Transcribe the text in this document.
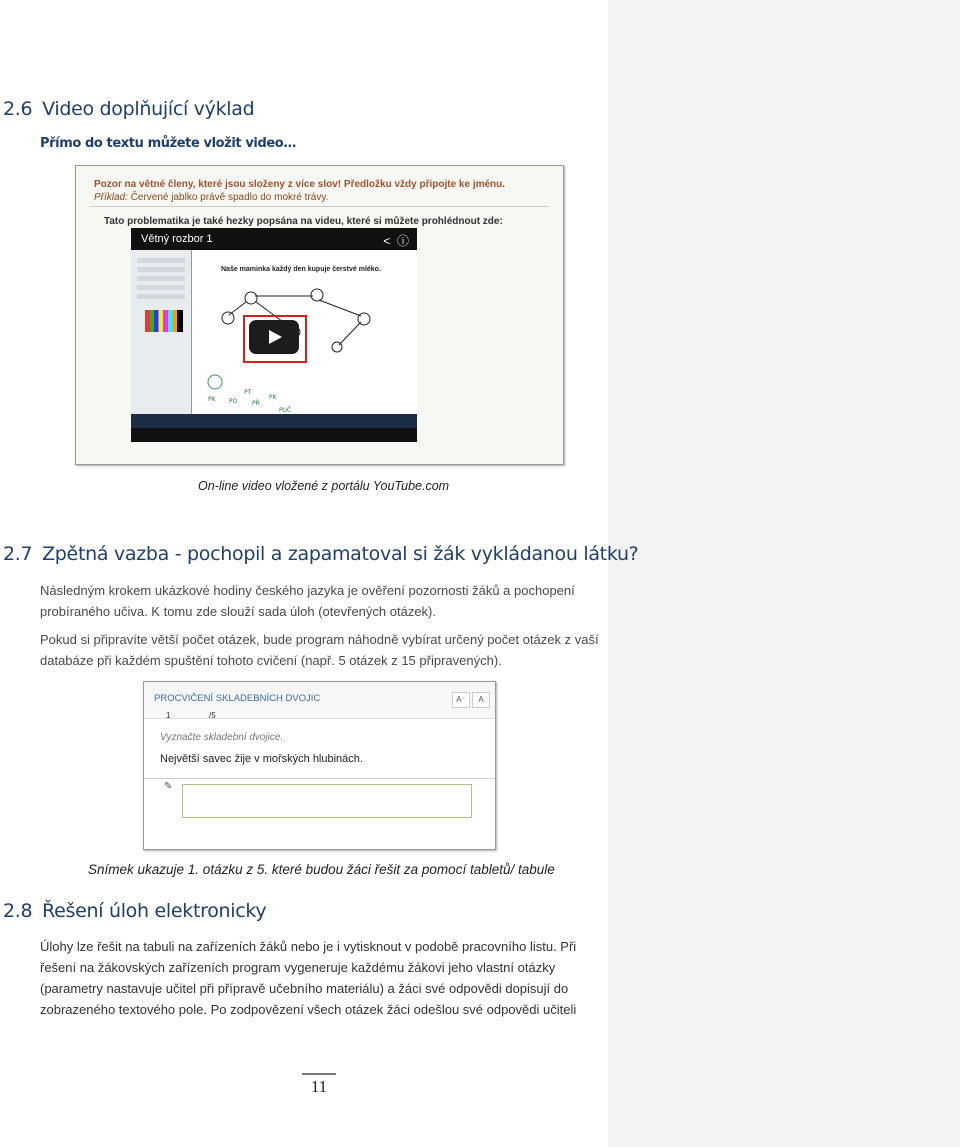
2.6 Video doplňující výklad
Přímo do textu můžete vložit video…
Pozor na větné členy, které jsou složeny z více slov! Předložku vždy připojte ke jménu.
Příklad: Červené jablko právě spadlo do mokré trávy.
Tato problematika je také hezky popsána na videu, které si můžete prohlédnout zde:
Větný rozbor 1	< ⓘ
Naše maminka každý den kupuje čerstvé mléko.
PK PO
PT
PŘ
PK
PUČ
On-line video vložené z portálu YouTube.com
2.7 Zpětná vazba - pochopil a zapamatoval si žák vykládanou látku?
Následným krokem ukázkové hodiny českého jazyka je ověření pozornosti žáků a pochopení probíraného učiva. K tomu zde slouží sada úloh (otevřených otázek).
Pokud si připravíte větší počet otázek, bude program náhodně vybírat určený počet otázek z vaší databáze při každém spuštění tohoto cvičení (např. 5 otázek z 15 připravených).
PROCVIČENÍ SKLADEBNÍCH DVOJIC	A⁻	A
1	/5
Vyznačte skladební dvojice.
Největší savec žije v mořských hlubinách.
✎
Snímek ukazuje 1. otázku z 5. které budou žáci řešit za pomocí tabletů/ tabule
2.8 Řešení úloh elektronicky
Úlohy lze řešit na tabuli na zařízeních žáků nebo je i vytisknout v podobě pracovního listu. Při řešení na žákovských zařízeních program vygeneruje každému žákovi jeho vlastní otázky (parametry nastavuje učitel při přípravě učebního materiálu) a žáci své odpovědi dopisují do zobrazeného textového pole. Po zodpovězení všech otázek žáci odešlou své odpovědi učiteli
11
